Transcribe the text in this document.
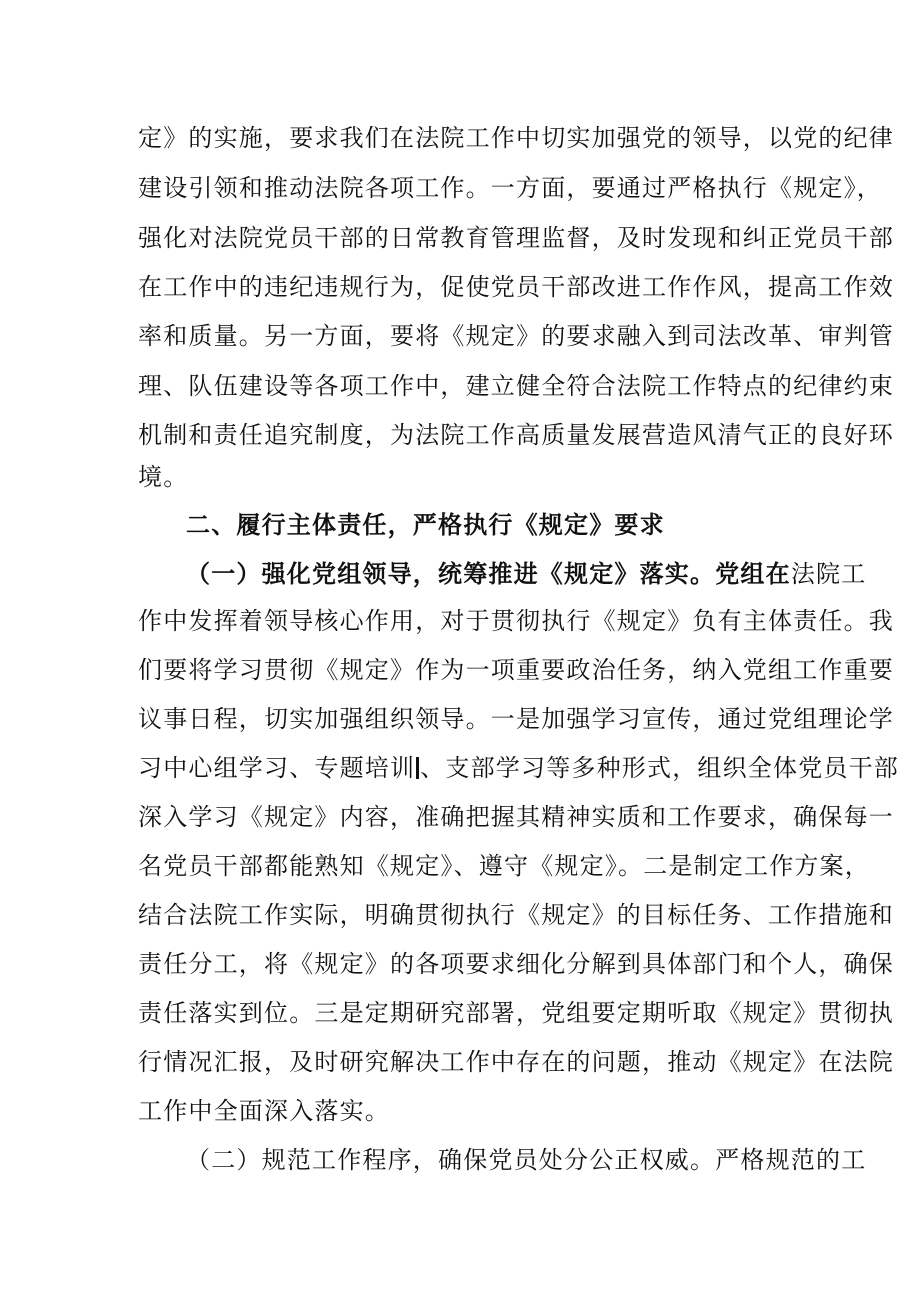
定》的实施，要求我们在法院工作中切实加强党的领导，以党的纪律
建设引领和推动法院各项工作。一方面，要通过严格执行《规定》，
强化对法院党员干部的日常教育管理监督，及时发现和纠正党员干部
在工作中的违纪违规行为，促使党员干部改进工作作风，提高工作效
率和质量。另一方面，要将《规定》的要求融入到司法改革、审判管
理、队伍建设等各项工作中，建立健全符合法院工作特点的纪律约束
机制和责任追究制度，为法院工作高质量发展营造风清气正的良好环
境。
二、履行主体责任，严格执行《规定》要求
（一）强化党组领导，统筹推进《规定》落实。党组在法院工
作中发挥着领导核心作用，对于贯彻执行《规定》负有主体责任。我
们要将学习贯彻《规定》作为一项重要政治任务，纳入党组工作重要
议事日程，切实加强组织领导。一是加强学习宣传，通过党组理论学
习中心组学习、专题培训 、支部学习等多种形式，组织全体党员干部
深入学习《规定》内容，准确把握其精神实质和工作要求，确保每一
名党员干部都能熟知《规定》、遵守《规定》。二是制定工作方案，
结合法院工作实际，明确贯彻执行《规定》的目标任务、工作措施和
责任分工，将《规定》的各项要求细化分解到具体部门和个人，确保
责任落实到位。三是定期研究部署，党组要定期听取《规定》贯彻执
行情况汇报，及时研究解决工作中存在的问题，推动《规定》在法院
工作中全面深入落实。
（二）规范工作程序，确保党员处分公正权威。严格规范的工
